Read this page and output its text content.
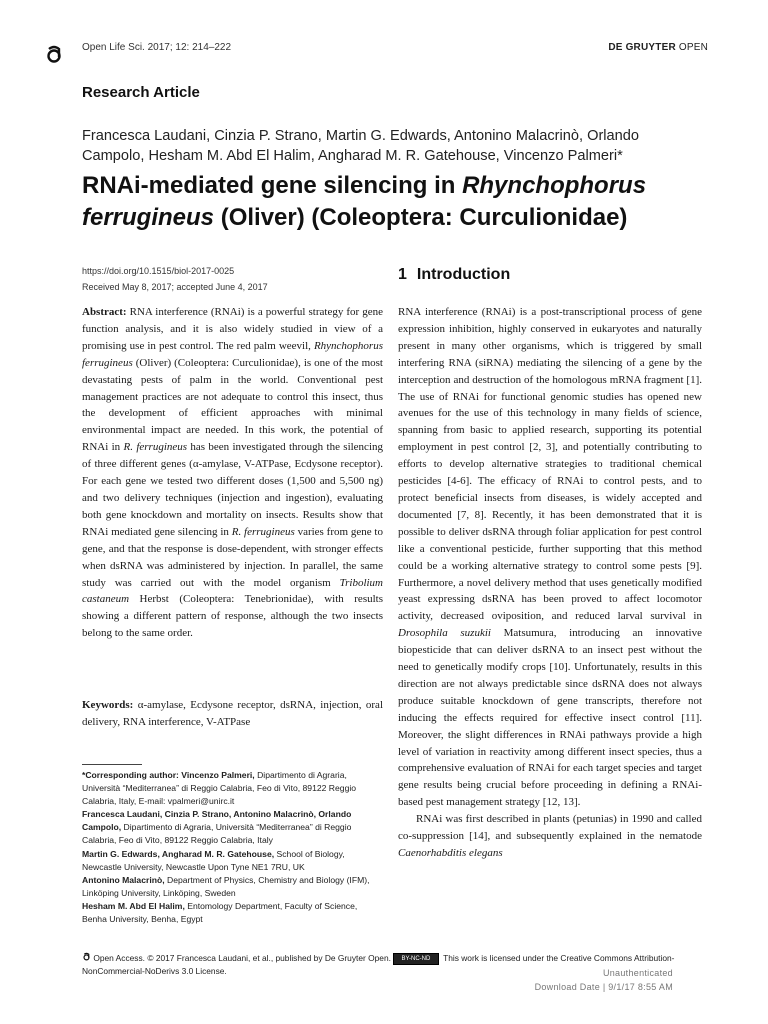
Open Life Sci. 2017; 12: 214–222	DE GRUYTER OPEN
Research Article
Francesca Laudani, Cinzia P. Strano, Martin G. Edwards, Antonino Malacrinò, Orlando Campolo, Hesham M. Abd El Halim, Angharad M. R. Gatehouse, Vincenzo Palmeri*
RNAi-mediated gene silencing in Rhynchophorus ferrugineus (Oliver) (Coleoptera: Curculionidae)
https://doi.org/10.1515/biol-2017-0025
Received May 8, 2017; accepted June 4, 2017
Abstract: RNA interference (RNAi) is a powerful strategy for gene function analysis, and it is also widely studied in view of a promising use in pest control. The red palm weevil, Rhynchophorus ferrugineus (Oliver) (Coleoptera: Curculionidae), is one of the most devastating pests of palm in the world. Conventional pest management practices are not adequate to control this insect, thus the development of efficient approaches with minimal environmental impact are needed. In this work, the potential of RNAi in R. ferrugineus has been investigated through the silencing of three different genes (α-amylase, V-ATPase, Ecdysone receptor). For each gene we tested two different doses (1,500 and 5,500 ng) and two delivery techniques (injection and ingestion), evaluating both gene knockdown and mortality on insects. Results show that RNAi mediated gene silencing in R. ferrugineus varies from gene to gene, and that the response is dose-dependent, with stronger effects when dsRNA was administered by injection. In parallel, the same study was carried out with the model organism Tribolium castaneum Herbst (Coleoptera: Tenebrionidae), with results showing a different pattern of response, although the two insects belong to the same order.
Keywords: α-amylase, Ecdysone receptor, dsRNA, injection, oral delivery, RNA interference, V-ATPase

*Corresponding author: Vincenzo Palmeri, Dipartimento di Agraria, Università “Mediterranea” di Reggio Calabria, Feo di Vito, 89122 Reggio Calabria, Italy, E-mail: vpalmeri@unirc.it

Francesca Laudani, Cinzia P. Strano, Antonino Malacrinò, Orlando Campolo, Dipartimento di Agraria, Università “Mediterranea” di Reggio Calabria, Feo di Vito, 89122 Reggio Calabria, Italy

Martin G. Edwards, Angharad M. R. Gatehouse, School of Biology, Newcastle University, Newcastle Upon Tyne NE1 7RU, UK

Antonino Malacrinò, Department of Physics, Chemistry and Biology (IFM), Linköping University, Linköping, Sweden

Hesham M. Abd El Halim, Entomology Department, Faculty of Science, Benha University, Benha, Egypt

1 Introduction

RNA interference (RNAi) is a post-transcriptional process of gene expression inhibition, highly conserved in eukaryotes and naturally present in many other organisms, which is triggered by small interfering RNA (siRNA) mediating the silencing of a gene by the interception and destruction of the homologous mRNA fragment [1]. The use of RNAi for functional genomic studies has opened new avenues for the use of this technology in many fields of science, spanning from basic to applied research, supporting its potential employment in pest control [2, 3], and potentially contributing to efforts to develop alternative strategies to traditional chemical pesticides [4-6]. The efficacy of RNAi to control pests, and to protect beneficial insects from diseases, is widely accepted and documented [7, 8]. Recently, it has been demonstrated that it is possible to deliver dsRNA through foliar application for pest control like a conventional pesticide, further supporting that this method could be a working alternative strategy to control some pests [9]. Furthermore, a novel delivery method that uses genetically modified yeast expressing dsRNA has been proved to affect locomotor activity, decreased oviposition, and reduced larval survival in Drosophila suzukii Matsumura, introducing an innovative biopesticide that can deliver dsRNA to an insect pest without the need to genetically modify crops [10]. Unfortunately, results in this direction are not always predictable since dsRNA does not always produce suitable knockdown of gene transcripts, therefore not inducing the effects required for effective insect control [11]. Moreover, the slight differences in RNAi pathways provide a high level of variation in reactivity among different insect species, thus a comprehensive evaluation of RNAi for each target species and target gene results being crucial before proceeding in defining a RNAi-based pest management strategy [12, 13].

RNAi was first described in plants (petunias) in 1990 and called co-suppression [14], and subsequently explained in the nematode Caenorhabditis elegans

Open Access. © 2017 Francesca Laudani, et al., published by De Gruyter Open. BY-NC-ND This work is licensed under the Creative Commons Attribution-NonCommercial-NoDerivs 3.0 License.	Unauthenticated
Download Date | 9/1/17 8:55 AM
